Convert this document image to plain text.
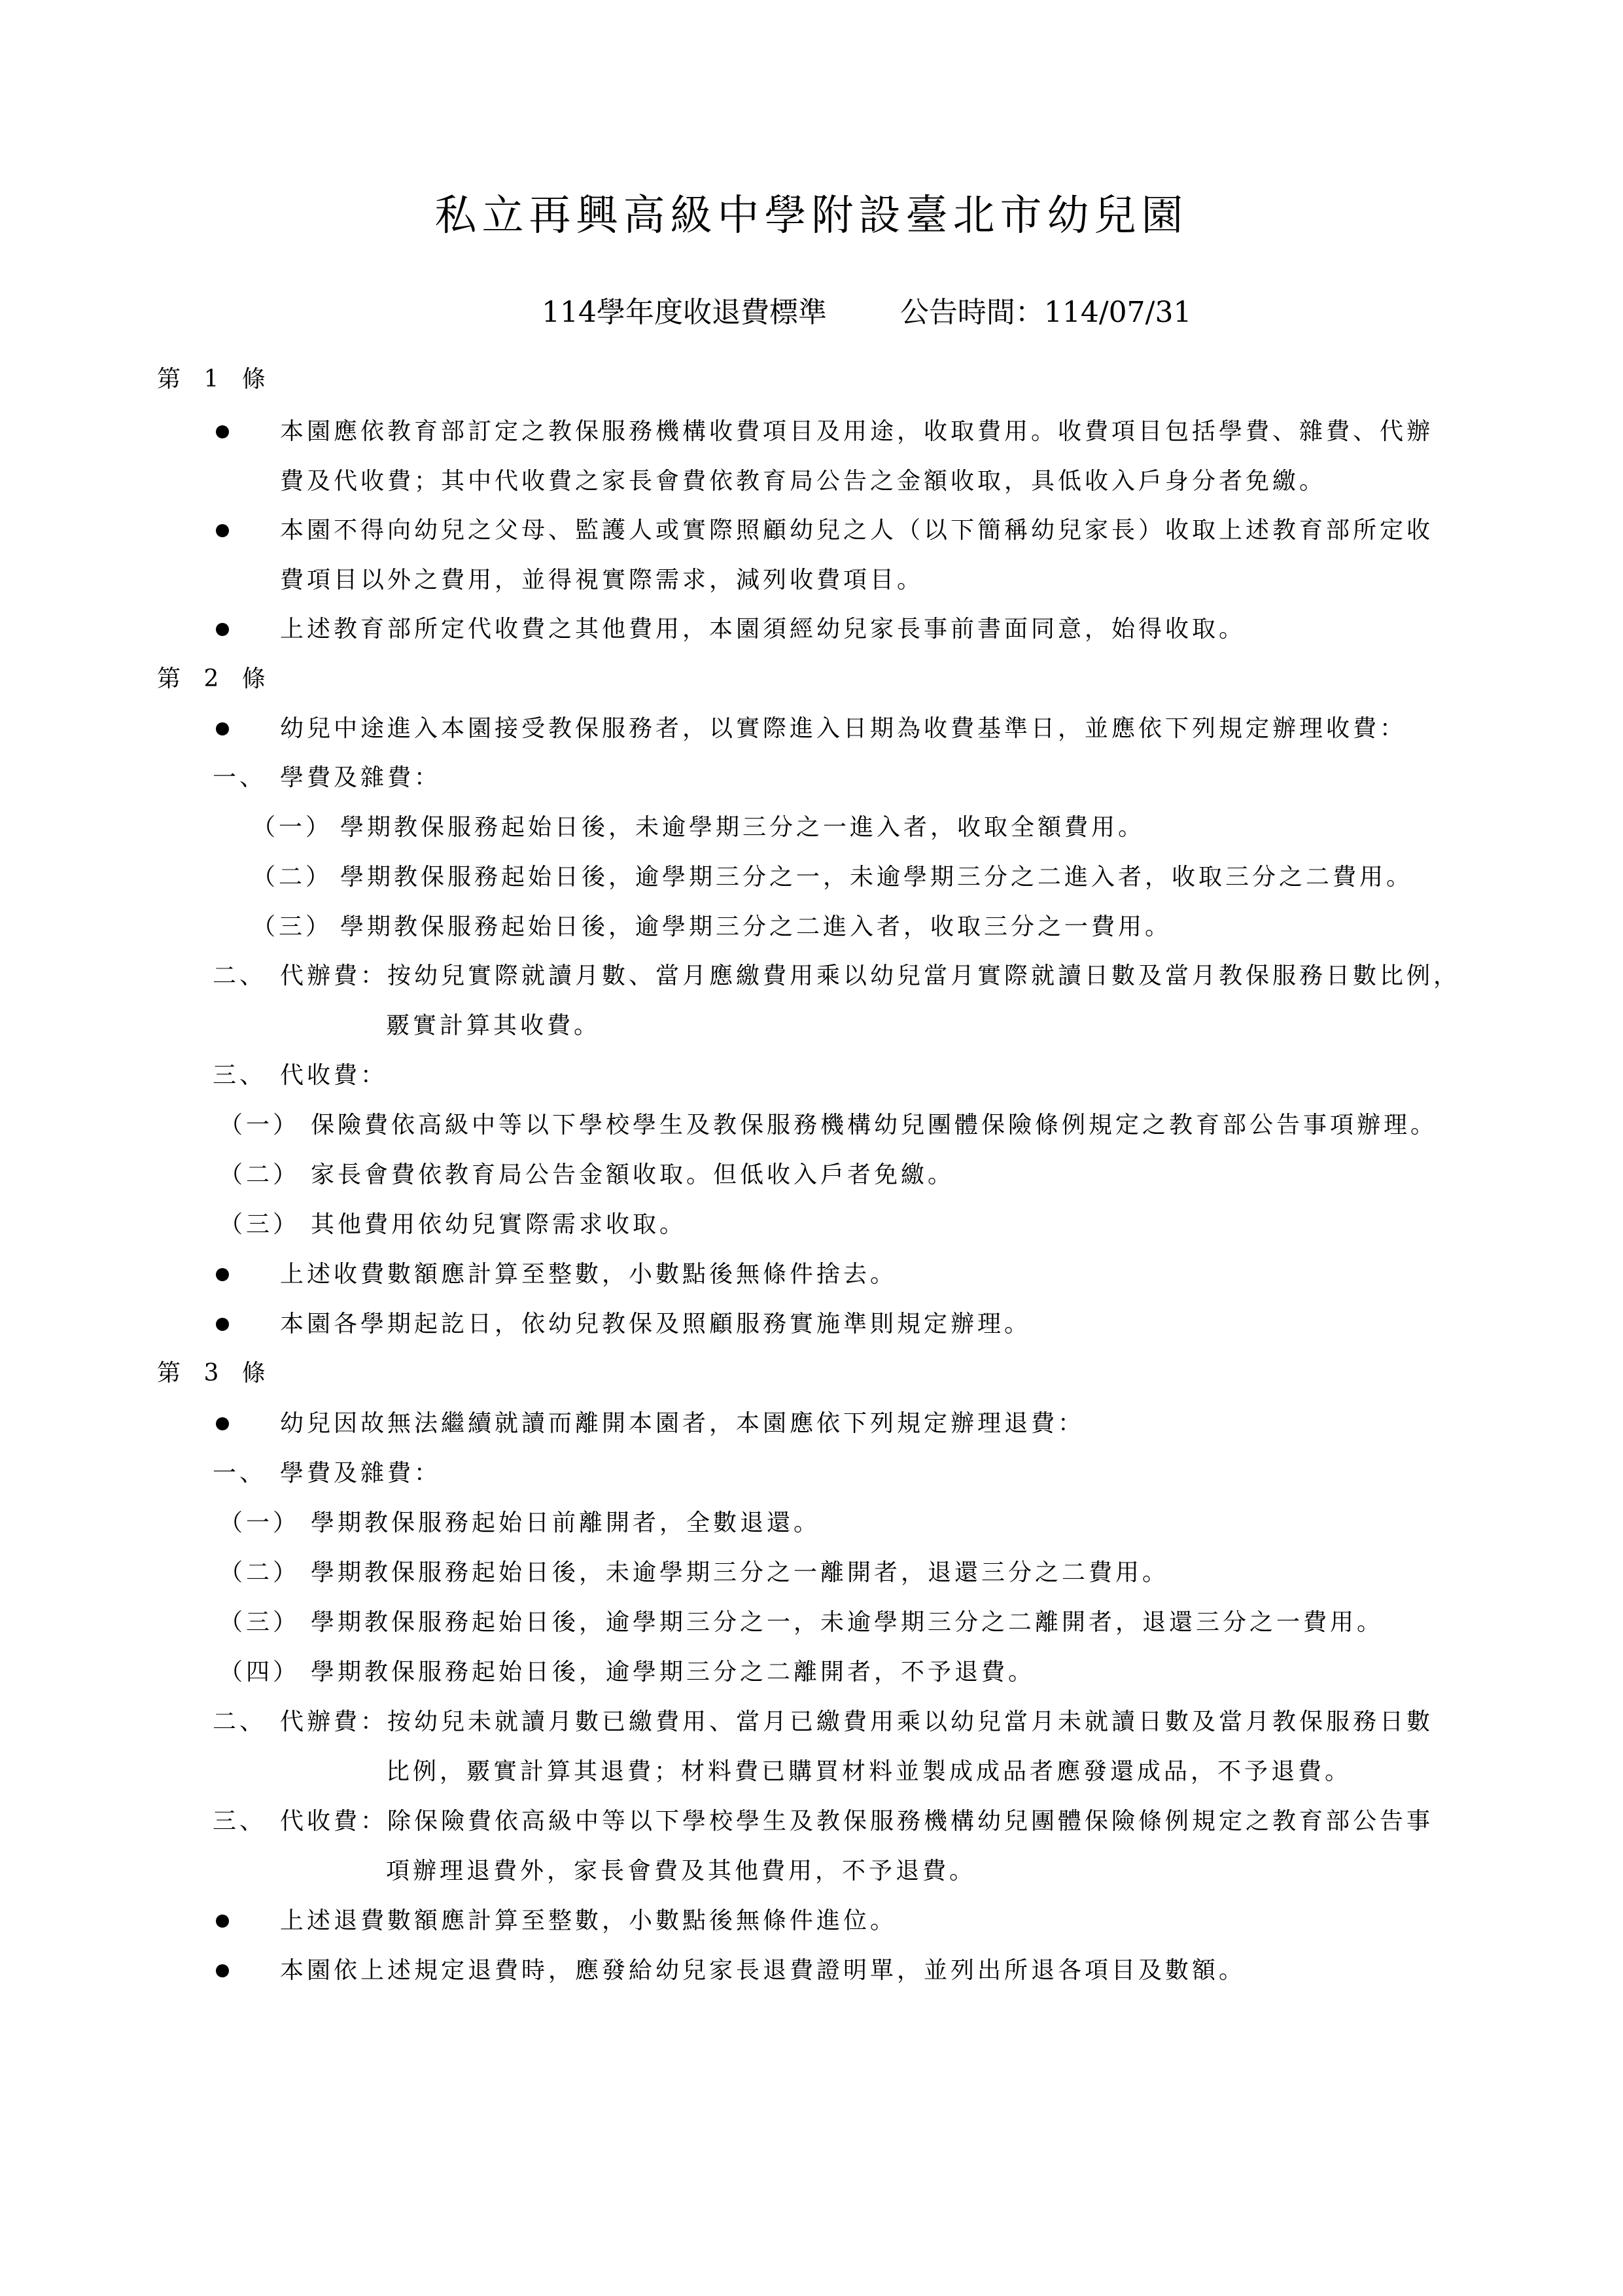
私立再興高級中學附設臺北市幼兒園
114學年度收退費標準	公告時間：114/07/31
第 1 條
本園應依教育部訂定之教保服務機構收費項目及用途，收取費用。收費項目包括學費、雜費、代辦
費及代收費；其中代收費之家長會費依教育局公告之金額收取，具低收入戶身分者免繳。
本園不得向幼兒之父母、監護人或實際照顧幼兒之人（以下簡稱幼兒家長）收取上述教育部所定收
費項目以外之費用，並得視實際需求，減列收費項目。
上述教育部所定代收費之其他費用，本園須經幼兒家長事前書面同意，始得收取。
第 2 條
幼兒中途進入本園接受教保服務者，以實際進入日期為收費基準日，並應依下列規定辦理收費：
一、 學費及雜費：
（一） 學期教保服務起始日後，未逾學期三分之一進入者，收取全額費用。
（二） 學期教保服務起始日後，逾學期三分之一，未逾學期三分之二進入者，收取三分之二費用。
（三） 學期教保服務起始日後，逾學期三分之二進入者，收取三分之一費用。
二、 代辦費：按幼兒實際就讀月數、當月應繳費用乘以幼兒當月實際就讀日數及當月教保服務日數比例，
覈實計算其收費。
三、 代收費：
（一） 保險費依高級中等以下學校學生及教保服務機構幼兒團體保險條例規定之教育部公告事項辦理。
（二） 家長會費依教育局公告金額收取。但低收入戶者免繳。
（三） 其他費用依幼兒實際需求收取。
上述收費數額應計算至整數，小數點後無條件捨去。
本園各學期起訖日，依幼兒教保及照顧服務實施準則規定辦理。
第 3 條
幼兒因故無法繼續就讀而離開本園者，本園應依下列規定辦理退費：
一、 學費及雜費：
（一） 學期教保服務起始日前離開者，全數退還。
（二） 學期教保服務起始日後，未逾學期三分之一離開者，退還三分之二費用。
（三） 學期教保服務起始日後，逾學期三分之一，未逾學期三分之二離開者，退還三分之一費用。
（四） 學期教保服務起始日後，逾學期三分之二離開者，不予退費。
二、 代辦費：按幼兒未就讀月數已繳費用、當月已繳費用乘以幼兒當月未就讀日數及當月教保服務日數
比例，覈實計算其退費；材料費已購買材料並製成成品者應發還成品，不予退費。
三、 代收費：除保險費依高級中等以下學校學生及教保服務機構幼兒團體保險條例規定之教育部公告事
項辦理退費外，家長會費及其他費用，不予退費。
上述退費數額應計算至整數，小數點後無條件進位。
本園依上述規定退費時，應發給幼兒家長退費證明單，並列出所退各項目及數額。
